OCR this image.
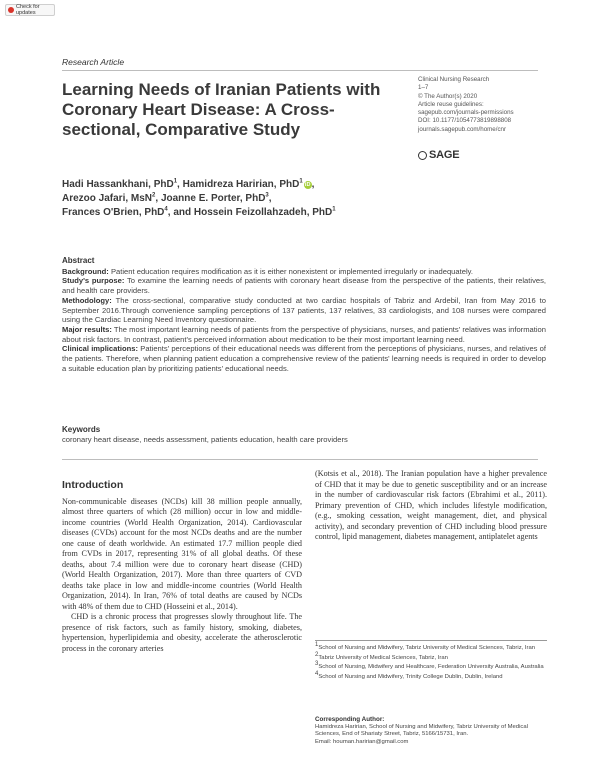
Check for updates
Research Article
Learning Needs of Iranian Patients with Coronary Heart Disease: A Cross-sectional, Comparative Study
Clinical Nursing Research
1–7
© The Author(s) 2020
Article reuse guidelines:
sagepub.com/journals-permissions
DOI: 10.1177/1054773819898808
journals.sagepub.com/home/cnr
SAGE
Hadi Hassankhani, PhD$^1$, Hamidreza Haririan, PhD$^1$iD,
Arezoo Jafari, MsN$^2$, Joanne E. Porter, PhD$^3$,
Frances O'Brien, PhD$^4$, and Hossein Feizollahzadeh, PhD$^1$
Abstract

Background: Patient education requires modification as it is either nonexistent or implemented irregularly or inadequately.

Study's purpose: To examine the learning needs of patients with coronary heart disease from the perspective of the patients, their relatives, and health care providers.

Methodology: The cross-sectional, comparative study conducted at two cardiac hospitals of Tabriz and Ardebil, Iran from May 2016 to September 2016.Through convenience sampling perceptions of 137 patients, 137 relatives, 33 cardiologists, and 108 nurses were compared using the Cardiac Learning Need Inventory questionnaire.

Major results: The most important learning needs of patients from the perspective of physicians, nurses, and patients' relatives was information about risk factors. In contrast, patient's perceived information about medication to be their most important learning need.

Clinical implications: Patients' perceptions of their educational needs was different from the perceptions of physicians, nurses, and relatives of the patients. Therefore, when planning patient education a comprehensive review of the patients' learning needs is required in order to develop a suitable education plan by prioritizing patients' educational needs.

Keywords
coronary heart disease, needs assessment, patients education, health care providers
Introduction

Non-communicable diseases (NCDs) kill 38 million people annually, almost three quarters of which (28 million) occur in low and middle-income countries (World Health Organization, 2014). Cardiovascular diseases (CVDs) account for the most NCDs deaths and are the number one cause of death worldwide. An estimated 17.7 million people died from CVDs in 2017, representing 31% of all global deaths. Of these deaths, about 7.4 million were due to coronary heart disease (CHD) (World Health Organization, 2017). More than three quarters of CVD deaths take place in low and middle-income countries (World Health Organization, 2014). In Iran, 76% of total deaths are caused by NCDs with 48% of them due to CHD (Hosseini et al., 2014).

CHD is a chronic process that progresses slowly throughout life. The presence of risk factors, such as family history, smoking, diabetes, hypertension, hyperlipidemia and obesity, accelerate the atherosclerotic process in the coronary arteries

(Kotsis et al., 2018). The Iranian population have a higher prevalence of CHD that it may be due to genetic susceptibility and or an increase in the number of cardiovascular risk factors (Ebrahimi et al., 2011). Primary prevention of CHD, which includes lifestyle modification, (e.g., smoking cessation, weight management, diet, and physical activity), and secondary prevention of CHD including blood pressure control, lipid management, diabetes management, antiplatelet agents
1School of Nursing and Midwifery, Tabriz University of Medical Sciences, Tabriz, Iran
2Tabriz University of Medical Sciences, Tabriz, Iran
3School of Nursing, Midwifery and Healthcare, Federation University Australia, Australia
4School of Nursing and Midwifery, Trinity College Dublin, Dublin, Ireland
Corresponding Author:
Hamidreza Haririan, School of Nursing and Midwifery, Tabriz University of Medical Sciences, End of Shariaty Street, Tabriz, 5166/15731, Iran.
Email: houman.haririan@gmail.com
